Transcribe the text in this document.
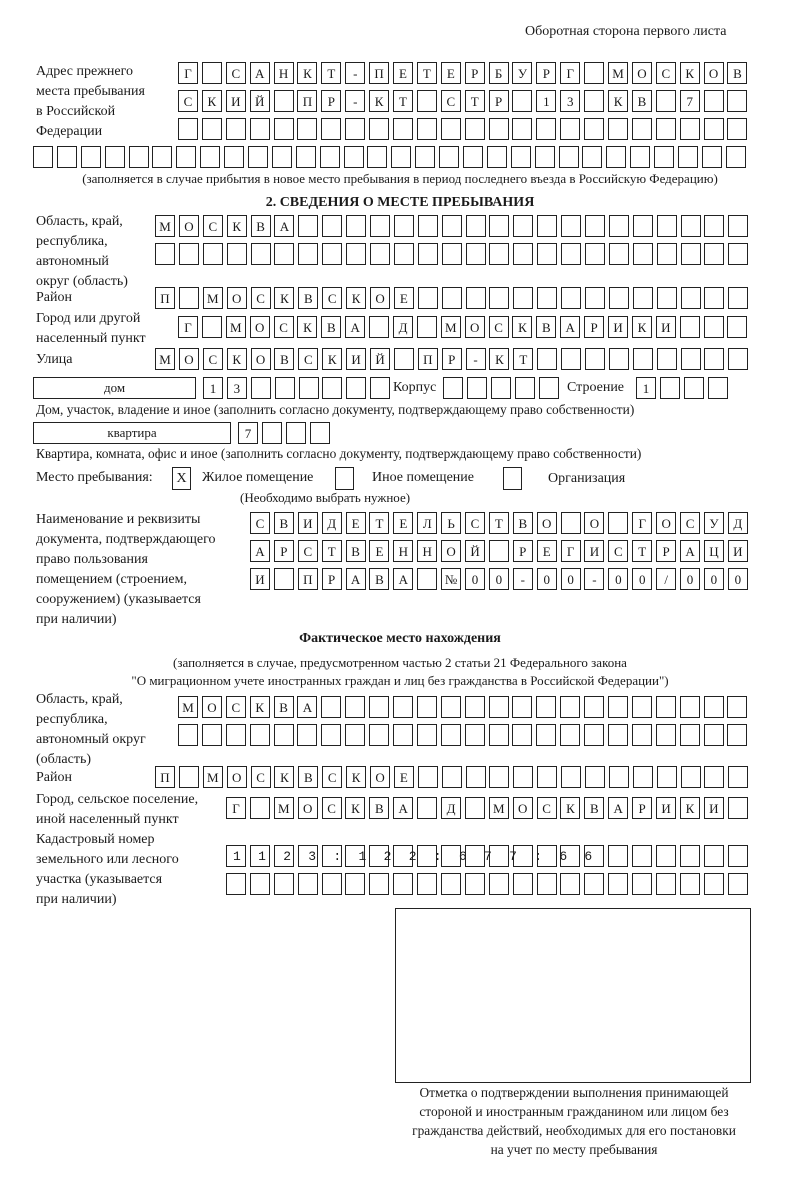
Оборотная сторона первого листа
Адрес прежнего
места пребывания
в Российской
Федерации
Г	С	А	Н	К	Т	-	П	Е	Т	Е	Р	Б	У	Р	Г	М	О	С	К	О	В
С	К	И	Й	П	Р	-	К	Т	С	Т	Р	1	3	К	В	7
(заполняется в случае прибытия в новое место пребывания в период последнего въезда в Российскую Федерацию)
2. СВЕДЕНИЯ О МЕСТЕ ПРЕБЫВАНИЯ
Область, край,
республика,
автономный
округ (область)
М	О	С	К	В	А
Район	П	М	О	С	К	В	С	К	О	Е
Город или другой
населенный пункт
Г	М	О	С	К	В	А	Д	М	О	С	К	В	А	Р	И	К	И
Улица	М	О	С	К	О	В	С	К	И	Й	П	Р	-	К	Т
дом	1	3	Корпус	Строение	1
Дом, участок, владение и иное (заполнить согласно документу, подтверждающему право собственности)
квартира	7
Квартира, комната, офис и иное (заполнить согласно документу, подтверждающему право собственности)
Место пребывания:	Х	Жилое помещение	Иное помещение	Организация
(Необходимо выбрать нужное)
Наименование и реквизиты
документа, подтверждающего
право пользования
помещением (строением,
сооружением) (указывается
при наличии)
С	В	И	Д	Е	Т	Е	Л	Ь	С	Т	В	О	О	Г	О	С	У	Д
А	Р	С	Т	В	Е	Н	Н	О	Й	Р	Е	Г	И	С	Т	Р	А	Ц	И
И	П	Р	А	В	А	№	0	0	-	0	0	-	0	0	/	0	0	0
Фактическое место нахождения
(заполняется в случае, предусмотренном частью 2 статьи 21 Федерального закона
"О миграционном учете иностранных граждан и лиц без гражданства в Российской Федерации")
Область, край,
республика,
автономный округ
(область)
М	О	С	К	В	А
Район	П	М	О	С	К	В	С	К	О	Е
Город, сельское поселение,
иной населенный пункт
Г	М	О	С	К	В	А	Д	М	О	С	К	В	А	Р	И	К	И
Кадастровый номер
земельного или лесного
участка (указывается
при наличии)
1123:122:677:66
Отметка о подтверждении выполнения принимающей
стороной и иностранным гражданином или лицом без
гражданства действий, необходимых для его постановки
на учет по месту пребывания
